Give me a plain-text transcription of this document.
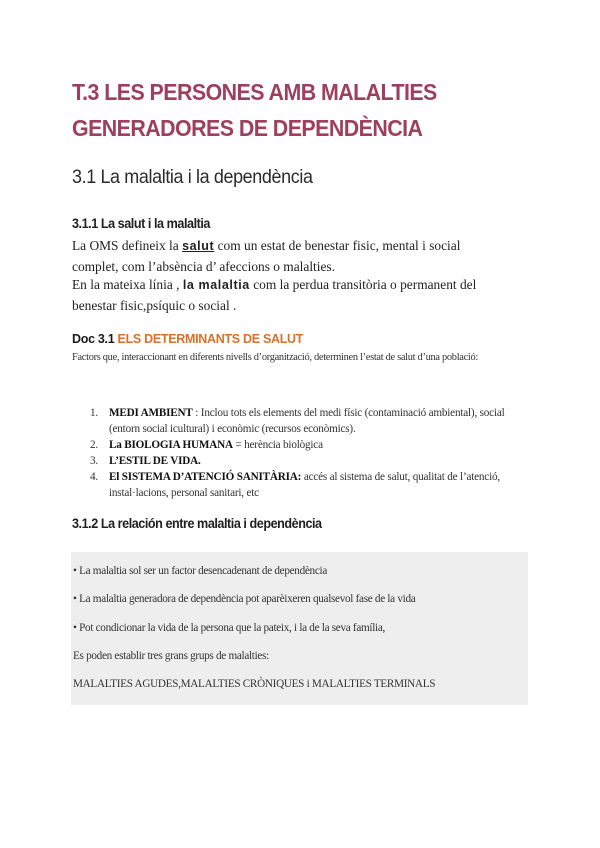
T.3 LES PERSONES AMB MALALTIES
GENERADORES DE DEPENDÈNCIA
3.1 La malaltia i la dependència
3.1.1 La salut i la malaltia
La OMS defineix la salut com un estat de benestar fisic, mental i social complet, com l’absència d’ afeccions o malalties.
En la mateixa línia , la malaltia com la perdua transitòria o permanent del benestar fisic,psíquic o social .
Doc 3.1 ELS DETERMINANTS DE SALUT
Factors que, interaccionant en diferents nivells d’organització, determinen l’estat de salut d’una població:
1. MEDI AMBIENT : Inclou tots els elements del medi físic (contaminació ambiental), social (entorn social icultural) i econòmic (recursos econòmics).
2. La BIOLOGIA HUMANA = herència biològica
3. L’ESTIL DE VIDA.
4. El SISTEMA D’ATENCIÓ SANITÀRIA: accés al sistema de salut, qualitat de l’atenció, instal·lacions, personal sanitari, etc
3.1.2 La relación entre malaltia i dependència
• La malaltia sol ser un factor desencadenant de dependència
• La malaltia generadora de dependència pot aparèixeren qualsevol fase de la vida
• Pot condicionar la vida de la persona que la pateix, i la de la seva família,
Es poden establir tres grans grups de malalties:
MALALTIES AGUDES,MALALTIES CRÒNIQUES i MALALTIES TERMINALS
